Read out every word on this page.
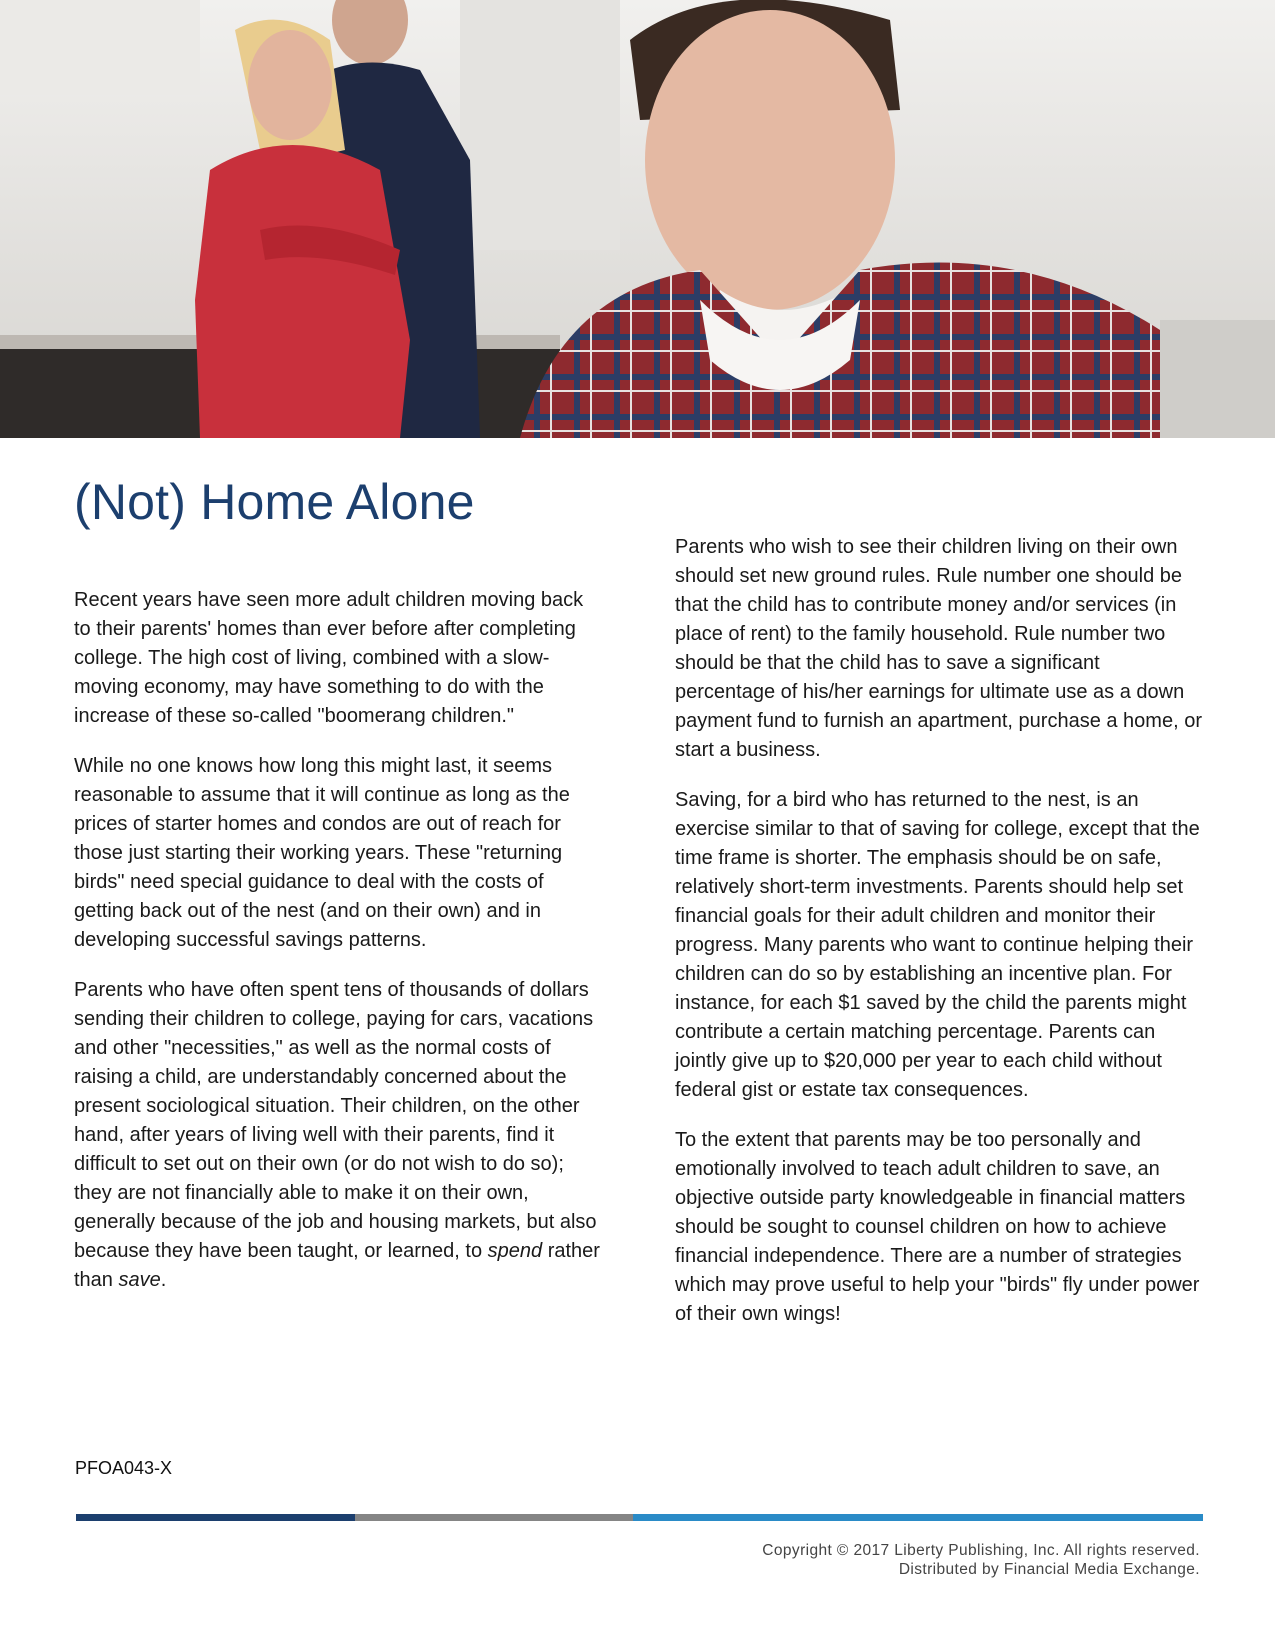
(Not) Home Alone

Recent years have seen more adult children moving back to their parents' homes than ever before after completing college. The high cost of living, combined with a slow-moving economy, may have something to do with the increase of these so-called "boomerang children."

While no one knows how long this might last, it seems reasonable to assume that it will continue as long as the prices of starter homes and condos are out of reach for those just starting their working years. These "returning birds" need special guidance to deal with the costs of getting back out of the nest (and on their own) and in developing successful savings patterns.

Parents who have often spent tens of thousands of dollars sending their children to college, paying for cars, vacations and other "necessities," as well as the normal costs of raising a child, are understandably concerned about the present sociological situation. Their children, on the other hand, after years of living well with their parents, find it difficult to set out on their own (or do not wish to do so); they are not financially able to make it on their own, generally because of the job and housing markets, but also because they have been taught, or learned, to spend rather than save.

Parents who wish to see their children living on their own should set new ground rules. Rule number one should be that the child has to contribute money and/or services (in place of rent) to the family household. Rule number two should be that the child has to save a significant percentage of his/her earnings for ultimate use as a down payment fund to furnish an apartment, purchase a home, or start a business.

Saving, for a bird who has returned to the nest, is an exercise similar to that of saving for college, except that the time frame is shorter. The emphasis should be on safe, relatively short-term investments. Parents should help set financial goals for their adult children and monitor their progress. Many parents who want to continue helping their children can do so by establishing an incentive plan. For instance, for each $1 saved by the child the parents might contribute a certain matching percentage. Parents can jointly give up to $20,000 per year to each child without federal gist or estate tax consequences.

To the extent that parents may be too personally and emotionally involved to teach adult children to save, an objective outside party knowledgeable in financial matters should be sought to counsel children on how to achieve financial independence. There are a number of strategies which may prove useful to help your "birds" fly under power of their own wings!

PFOA043-X
Copyright © 2017 Liberty Publishing, Inc. All rights reserved.
Distributed by Financial Media Exchange.
